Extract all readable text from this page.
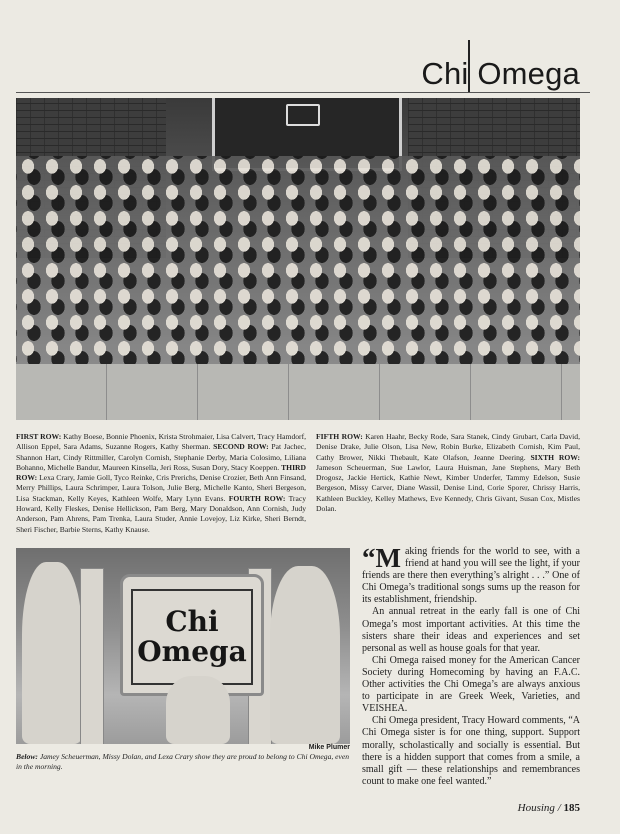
Chi Omega

FIRST ROW: Kathy Boese, Bonnie Phoenix, Krista Strohmaier, Lisa Calvert, Tracy Hamdorf, Allison Eppel, Sara Adams, Suzanne Rogers, Kathy Sherman. SECOND ROW: Pat Jachec, Shannon Hart, Cindy Rittmiller, Carolyn Cornish, Stephanie Derby, Maria Colosimo, Liliana Bohanno, Michelle Bandur, Maureen Kinsella, Jeri Ross, Susan Dory, Stacy Koeppen. THIRD ROW: Lexa Crary, Jamie Goll, Tyco Reinke, Cris Prerichs, Denise Crozier, Beth Ann Finsand, Merry Phillips, Laura Schrimper, Laura Tolson, Julie Berg, Michelle Kanto, Sheri Bergeson, Lisa Stackman, Kelly Keyes, Kathleen Wolfe, Mary Lynn Evans. FOURTH ROW: Tracy Howard, Kelly Fleskes, Denise Hellickson, Pam Berg, Mary Donaldson, Ann Cornish, Judy Anderson, Pam Ahrens, Pam Trenka, Laura Studer, Annie Lovejoy, Liz Kirke, Sheri Berndt, Sheri Fischer, Barbie Sterns, Kathy Knause.

FIFTH ROW: Karen Haahr, Becky Rode, Sara Stanek, Cindy Grubart, Carla David, Denise Drake, Julie Olson, Lisa New, Robin Burke, Elizabeth Cornish, Kim Paul, Cathy Brower, Nikki Thebault, Kate Olafson, Jeanne Deering. SIXTH ROW: Jameson Scheuerman, Sue Lawlor, Laura Huisman, Jane Stephens, Mary Beth Drogosz, Jackie Hertick, Kathie Newt, Kimber Underfer, Tammy Edelson, Susie Bergeson, Missy Carver, Diane Wassil, Denise Lind, Corie Sporer, Chrissy Harris, Kathleen Buckley, Kelley Mathews, Eve Kennedy, Chris Givant, Susan Cox, Mistles Dolan.

Chi
Omega
Mike Plumer
Below: Jamey Scheuerman, Missy Dolan, and Lexa Crary show they are proud to belong to Chi Omega, even in the morning.

“Making friends for the world to see, with a friend at hand you will see the light, if your friends are there then everything’s alright . . .” One of Chi Omega’s traditional songs sums up the reason for its establishment, friendship.

An annual retreat in the early fall is one of Chi Omega’s most important activities. At this time the sisters share their ideas and experiences and set personal as well as house goals for that year.

Chi Omega raised money for the American Cancer Society during Homecoming by having an F.A.C. Other activities the Chi Omega’s are always anxious to participate in are Greek Week, Varieties, and VEISHEA.

Chi Omega president, Tracy Howard comments, “A Chi Omega sister is for one thing, support. Support morally, scholastically and socially is essential. But there is a hidden support that comes from a smile, a small gift — these relationships and remembrances count to make one feel wanted.”

Housing / 185
